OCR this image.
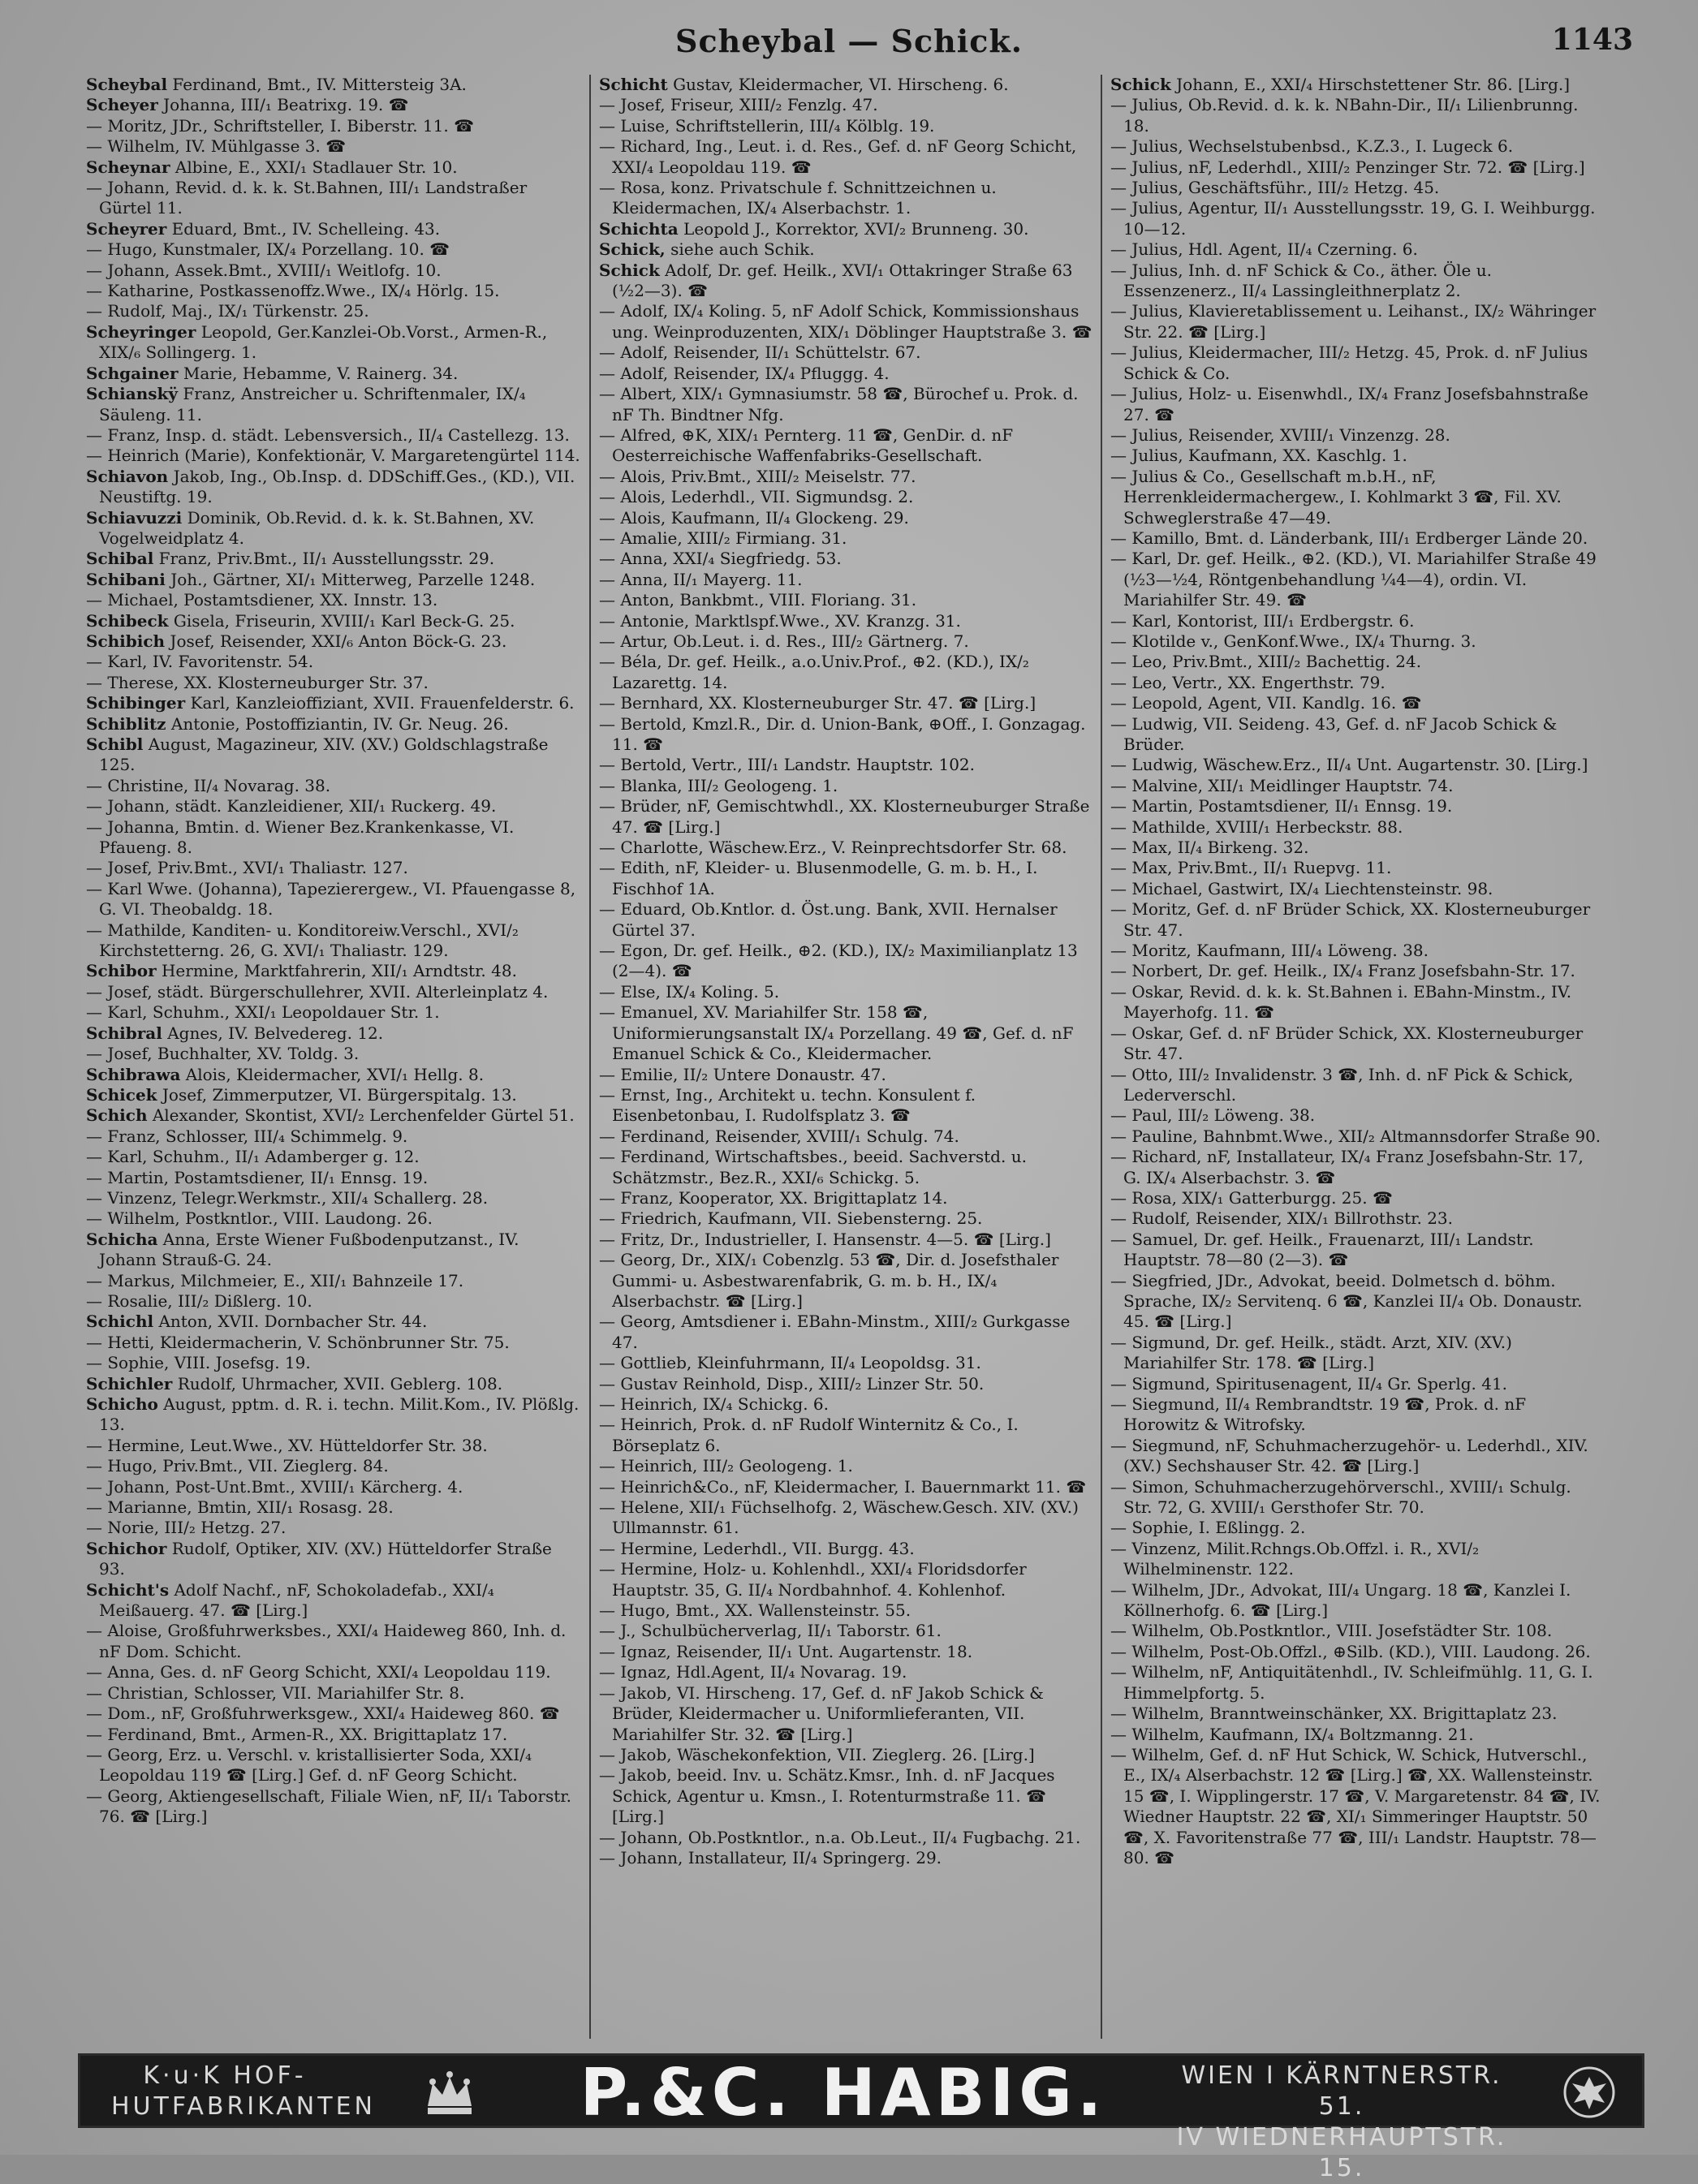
Scheybal — Schick.	1143

Scheybal Ferdinand, Bmt., IV. Mittersteig 3A.

Scheyer Johanna, III/₁ Beatrixg. 19. ☎

— Moritz, JDr., Schriftsteller, I. Biberstr. 11. ☎

— Wilhelm, IV. Mühlgasse 3. ☎

Scheynar Albine, E., XXI/₁ Stadlauer Str. 10.

— Johann, Revid. d. k. k. St.Bahnen, III/₁ Landstraßer Gürtel 11.

Scheyrer Eduard, Bmt., IV. Schelleing. 43.

— Hugo, Kunstmaler, IX/₄ Porzellang. 10. ☎

— Johann, Assek.Bmt., XVIII/₁ Weitlofg. 10.

— Katharine, Postkassenoffz.Wwe., IX/₄ Hörlg. 15.

— Rudolf, Maj., IX/₁ Türkenstr. 25.

Scheyringer Leopold, Ger.Kanzlei-Ob.Vorst., Armen-R., XIX/₆ Sollingerg. 1.

Schgainer Marie, Hebamme, V. Rainerg. 34.

Schianskÿ Franz, Anstreicher u. Schriftenmaler, IX/₄ Säuleng. 11.

— Franz, Insp. d. städt. Lebensversich., II/₄ Castellezg. 13.

— Heinrich (Marie), Konfektionär, V. Margaretengürtel 114.

Schiavon Jakob, Ing., Ob.Insp. d. DDSchiff.Ges., (KD.), VII. Neustiftg. 19.

Schiavuzzi Dominik, Ob.Revid. d. k. k. St.Bahnen, XV. Vogelweidplatz 4.

Schibal Franz, Priv.Bmt., II/₁ Ausstellungsstr. 29.

Schibani Joh., Gärtner, XI/₁ Mitterweg, Parzelle 1248.

— Michael, Postamtsdiener, XX. Innstr. 13.

Schibeck Gisela, Friseurin, XVIII/₁ Karl Beck-G. 25.

Schibich Josef, Reisender, XXI/₆ Anton Böck-G. 23.

— Karl, IV. Favoritenstr. 54.

— Therese, XX. Klosterneuburger Str. 37.

Schibinger Karl, Kanzleioffiziant, XVII. Frauenfelderstr. 6.

Schiblitz Antonie, Postoffiziantin, IV. Gr. Neug. 26.

Schibl August, Magazineur, XIV. (XV.) Goldschlagstraße 125.

— Christine, II/₄ Novarag. 38.

— Johann, städt. Kanzleidiener, XII/₁ Ruckerg. 49.

— Johanna, Bmtin. d. Wiener Bez.Krankenkasse, VI. Pfaueng. 8.

— Josef, Priv.Bmt., XVI/₁ Thaliastr. 127.

— Karl Wwe. (Johanna), Tapezierergew., VI. Pfauengasse 8, G. VI. Theobaldg. 18.

— Mathilde, Kanditen- u. Konditoreiw.Verschl., XVI/₂ Kirchstetterng. 26, G. XVI/₁ Thaliastr. 129.

Schibor Hermine, Marktfahrerin, XII/₁ Arndtstr. 48.

— Josef, städt. Bürgerschullehrer, XVII. Alterleinplatz 4.

— Karl, Schuhm., XXI/₁ Leopoldauer Str. 1.

Schibral Agnes, IV. Belvedereg. 12.

— Josef, Buchhalter, XV. Toldg. 3.

Schibrawa Alois, Kleidermacher, XVI/₁ Hellg. 8.

Schicek Josef, Zimmerputzer, VI. Bürgerspitalg. 13.

Schich Alexander, Skontist, XVI/₂ Lerchenfelder Gürtel 51.

— Franz, Schlosser, III/₄ Schimmelg. 9.

— Karl, Schuhm., II/₁ Adamberger g. 12.

— Martin, Postamtsdiener, II/₁ Ennsg. 19.

— Vinzenz, Telegr.Werkmstr., XII/₄ Schallerg. 28.

— Wilhelm, Postkntlor., VIII. Laudong. 26.

Schicha Anna, Erste Wiener Fußbodenputzanst., IV. Johann Strauß-G. 24.

— Markus, Milchmeier, E., XII/₁ Bahnzeile 17.

— Rosalie, III/₂ Dißlerg. 10.

Schichl Anton, XVII. Dornbacher Str. 44.

— Hetti, Kleidermacherin, V. Schönbrunner Str. 75.

— Sophie, VIII. Josefsg. 19.

Schichler Rudolf, Uhrmacher, XVII. Geblerg. 108.

Schicho August, pptm. d. R. i. techn. Milit.Kom., IV. Plößlg. 13.

— Hermine, Leut.Wwe., XV. Hütteldorfer Str. 38.

— Hugo, Priv.Bmt., VII. Zieglerg. 84.

— Johann, Post-Unt.Bmt., XVIII/₁ Kärcherg. 4.

— Marianne, Bmtin, XII/₁ Rosasg. 28.

— Norie, III/₂ Hetzg. 27.

Schichor Rudolf, Optiker, XIV. (XV.) Hütteldorfer Straße 93.

Schicht's Adolf Nachf., nF, Schokoladefab., XXI/₄ Meißauerg. 47. ☎ [Lirg.]

— Aloise, Großfuhrwerksbes., XXI/₄ Haideweg 860, Inh. d. nF Dom. Schicht.

— Anna, Ges. d. nF Georg Schicht, XXI/₄ Leopoldau 119.

— Christian, Schlosser, VII. Mariahilfer Str. 8.

— Dom., nF, Großfuhrwerksgew., XXI/₄ Haideweg 860. ☎

— Ferdinand, Bmt., Armen-R., XX. Brigittaplatz 17.

— Georg, Erz. u. Verschl. v. kristallisierter Soda, XXI/₄ Leopoldau 119 ☎ [Lirg.] Gef. d. nF Georg Schicht.

— Georg, Aktiengesellschaft, Filiale Wien, nF, II/₁ Taborstr. 76. ☎ [Lirg.]

Schicht Gustav, Kleidermacher, VI. Hirscheng. 6.

— Josef, Friseur, XIII/₂ Fenzlg. 47.

— Luise, Schriftstellerin, III/₄ Kölblg. 19.

— Richard, Ing., Leut. i. d. Res., Gef. d. nF Georg Schicht, XXI/₄ Leopoldau 119. ☎

— Rosa, konz. Privatschule f. Schnittzeichnen u. Kleidermachen, IX/₄ Alserbachstr. 1.

Schichta Leopold J., Korrektor, XVI/₂ Brunneng. 30.

Schick, siehe auch Schik.

Schick Adolf, Dr. gef. Heilk., XVI/₁ Ottakringer Straße 63 (½2—3). ☎

— Adolf, IX/₄ Koling. 5, nF Adolf Schick, Kommissionshaus ung. Weinproduzenten, XIX/₁ Döblinger Hauptstraße 3. ☎

— Adolf, Reisender, II/₁ Schüttelstr. 67.

— Adolf, Reisender, IX/₄ Pfluggg. 4.

— Albert, XIX/₁ Gymnasiumstr. 58 ☎, Bürochef u. Prok. d. nF Th. Bindtner Nfg.

— Alfred, ⊕K, XIX/₁ Pernterg. 11 ☎, GenDir. d. nF Oesterreichische Waffenfabriks-Gesellschaft.

— Alois, Priv.Bmt., XIII/₂ Meiselstr. 77.

— Alois, Lederhdl., VII. Sigmundsg. 2.

— Alois, Kaufmann, II/₄ Glockeng. 29.

— Amalie, XIII/₂ Firmiang. 31.

— Anna, XXI/₄ Siegfriedg. 53.

— Anna, II/₁ Mayerg. 11.

— Anton, Bankbmt., VIII. Floriang. 31.

— Antonie, Marktlspf.Wwe., XV. Kranzg. 31.

— Artur, Ob.Leut. i. d. Res., III/₂ Gärtnerg. 7.

— Béla, Dr. gef. Heilk., a.o.Univ.Prof., ⊕2. (KD.), IX/₂ Lazarettg. 14.

— Bernhard, XX. Klosterneuburger Str. 47. ☎ [Lirg.]

— Bertold, Kmzl.R., Dir. d. Union-Bank, ⊕Off., I. Gonzagag. 11. ☎

— Bertold, Vertr., III/₁ Landstr. Hauptstr. 102.

— Blanka, III/₂ Geologeng. 1.

— Brüder, nF, Gemischtwhdl., XX. Klosterneuburger Straße 47. ☎ [Lirg.]

— Charlotte, Wäschew.Erz., V. Reinprechtsdorfer Str. 68.

— Edith, nF, Kleider- u. Blusenmodelle, G. m. b. H., I. Fischhof 1A.

— Eduard, Ob.Kntlor. d. Öst.ung. Bank, XVII. Hernalser Gürtel 37.

— Egon, Dr. gef. Heilk., ⊕2. (KD.), IX/₂ Maximilianplatz 13 (2—4). ☎

— Else, IX/₄ Koling. 5.

— Emanuel, XV. Mariahilfer Str. 158 ☎, Uniformierungsanstalt IX/₄ Porzellang. 49 ☎, Gef. d. nF Emanuel Schick & Co., Kleidermacher.

— Emilie, II/₂ Untere Donaustr. 47.

— Ernst, Ing., Architekt u. techn. Konsulent f. Eisenbetonbau, I. Rudolfsplatz 3. ☎

— Ferdinand, Reisender, XVIII/₁ Schulg. 74.

— Ferdinand, Wirtschaftsbes., beeid. Sachverstd. u. Schätzmstr., Bez.R., XXI/₆ Schickg. 5.

— Franz, Kooperator, XX. Brigittaplatz 14.

— Friedrich, Kaufmann, VII. Siebensterng. 25.

— Fritz, Dr., Industrieller, I. Hansenstr. 4—5. ☎ [Lirg.]

— Georg, Dr., XIX/₁ Cobenzlg. 53 ☎, Dir. d. Josefsthaler Gummi- u. Asbestwarenfabrik, G. m. b. H., IX/₄ Alserbachstr. ☎ [Lirg.]

— Georg, Amtsdiener i. EBahn-Minstm., XIII/₂ Gurkgasse 47.

— Gottlieb, Kleinfuhrmann, II/₄ Leopoldsg. 31.

— Gustav Reinhold, Disp., XIII/₂ Linzer Str. 50.

— Heinrich, IX/₄ Schickg. 6.

— Heinrich, Prok. d. nF Rudolf Winternitz & Co., I. Börseplatz 6.

— Heinrich, III/₂ Geologeng. 1.

— Heinrich&Co., nF, Kleidermacher, I. Bauernmarkt 11. ☎

— Helene, XII/₁ Füchselhofg. 2, Wäschew.Gesch. XIV. (XV.) Ullmannstr. 61.

— Hermine, Lederhdl., VII. Burgg. 43.

— Hermine, Holz- u. Kohlenhdl., XXI/₄ Floridsdorfer Hauptstr. 35, G. II/₄ Nordbahnhof. 4. Kohlenhof.

— Hugo, Bmt., XX. Wallensteinstr. 55.

— J., Schulbücherverlag, II/₁ Taborstr. 61.

— Ignaz, Reisender, II/₁ Unt. Augartenstr. 18.

— Ignaz, Hdl.Agent, II/₄ Novarag. 19.

— Jakob, VI. Hirscheng. 17, Gef. d. nF Jakob Schick & Brüder, Kleidermacher u. Uniformlieferanten, VII. Mariahilfer Str. 32. ☎ [Lirg.]

— Jakob, Wäschekonfektion, VII. Zieglerg. 26. [Lirg.]

— Jakob, beeid. Inv. u. Schätz.Kmsr., Inh. d. nF Jacques Schick, Agentur u. Kmsn., I. Rotenturmstraße 11. ☎ [Lirg.]

— Johann, Ob.Postkntlor., n.a. Ob.Leut., II/₄ Fugbachg. 21.

— Johann, Installateur, II/₄ Springerg. 29.

Schick Johann, E., XXI/₄ Hirschstettener Str. 86. [Lirg.]

— Julius, Ob.Revid. d. k. k. NBahn-Dir., II/₁ Lilienbrunng. 18.

— Julius, Wechselstubenbsd., K.Z.3., I. Lugeck 6.

— Julius, nF, Lederhdl., XIII/₂ Penzinger Str. 72. ☎ [Lirg.]

— Julius, Geschäftsführ., III/₂ Hetzg. 45.

— Julius, Agentur, II/₁ Ausstellungsstr. 19, G. I. Weihburgg. 10—12.

— Julius, Hdl. Agent, II/₄ Czerning. 6.

— Julius, Inh. d. nF Schick & Co., äther. Öle u. Essenzenerz., II/₄ Lassingleithnerplatz 2.

— Julius, Klavieretablissement u. Leihanst., IX/₂ Währinger Str. 22. ☎ [Lirg.]

— Julius, Kleidermacher, III/₂ Hetzg. 45, Prok. d. nF Julius Schick & Co.

— Julius, Holz- u. Eisenwhdl., IX/₄ Franz Josefsbahnstraße 27. ☎

— Julius, Reisender, XVIII/₁ Vinzenzg. 28.

— Julius, Kaufmann, XX. Kaschlg. 1.

— Julius & Co., Gesellschaft m.b.H., nF, Herrenkleidermachergew., I. Kohlmarkt 3 ☎, Fil. XV. Schweglerstraße 47—49.

— Kamillo, Bmt. d. Länderbank, III/₁ Erdberger Lände 20.

— Karl, Dr. gef. Heilk., ⊕2. (KD.), VI. Mariahilfer Straße 49 (½3—½4, Röntgenbehandlung ¼4—4), ordin. VI. Mariahilfer Str. 49. ☎

— Karl, Kontorist, III/₁ Erdbergstr. 6.

— Klotilde v., GenKonf.Wwe., IX/₄ Thurng. 3.

— Leo, Priv.Bmt., XIII/₂ Bachettig. 24.

— Leo, Vertr., XX. Engerthstr. 79.

— Leopold, Agent, VII. Kandlg. 16. ☎

— Ludwig, VII. Seideng. 43, Gef. d. nF Jacob Schick & Brüder.

— Ludwig, Wäschew.Erz., II/₄ Unt. Augartenstr. 30. [Lirg.]

— Malvine, XII/₁ Meidlinger Hauptstr. 74.

— Martin, Postamtsdiener, II/₁ Ennsg. 19.

— Mathilde, XVIII/₁ Herbeckstr. 88.

— Max, II/₄ Birkeng. 32.

— Max, Priv.Bmt., II/₁ Ruepvg. 11.

— Michael, Gastwirt, IX/₄ Liechtensteinstr. 98.

— Moritz, Gef. d. nF Brüder Schick, XX. Klosterneuburger Str. 47.

— Moritz, Kaufmann, III/₄ Löweng. 38.

— Norbert, Dr. gef. Heilk., IX/₄ Franz Josefsbahn-Str. 17.

— Oskar, Revid. d. k. k. St.Bahnen i. EBahn-Minstm., IV. Mayerhofg. 11. ☎

— Oskar, Gef. d. nF Brüder Schick, XX. Klosterneuburger Str. 47.

— Otto, III/₂ Invalidenstr. 3 ☎, Inh. d. nF Pick & Schick, Lederverschl.

— Paul, III/₂ Löweng. 38.

— Pauline, Bahnbmt.Wwe., XII/₂ Altmannsdorfer Straße 90.

— Richard, nF, Installateur, IX/₄ Franz Josefsbahn-Str. 17, G. IX/₄ Alserbachstr. 3. ☎

— Rosa, XIX/₁ Gatterburgg. 25. ☎

— Rudolf, Reisender, XIX/₁ Billrothstr. 23.

— Samuel, Dr. gef. Heilk., Frauenarzt, III/₁ Landstr. Hauptstr. 78—80 (2—3). ☎

— Siegfried, JDr., Advokat, beeid. Dolmetsch d. böhm. Sprache, IX/₂ Servitenq. 6 ☎, Kanzlei II/₄ Ob. Donaustr. 45. ☎ [Lirg.]

— Sigmund, Dr. gef. Heilk., städt. Arzt, XIV. (XV.) Mariahilfer Str. 178. ☎ [Lirg.]

— Sigmund, Spiritusenagent, II/₄ Gr. Sperlg. 41.

— Siegmund, II/₄ Rembrandtstr. 19 ☎, Prok. d. nF Horowitz & Witrofsky.

— Siegmund, nF, Schuhmacherzugehör- u. Lederhdl., XIV. (XV.) Sechshauser Str. 42. ☎ [Lirg.]

— Simon, Schuhmacherzugehörverschl., XVIII/₁ Schulg. Str. 72, G. XVIII/₁ Gersthofer Str. 70.

— Sophie, I. Eßlingg. 2.

— Vinzenz, Milit.Rchngs.Ob.Offzl. i. R., XVI/₂ Wilhelminenstr. 122.

— Wilhelm, JDr., Advokat, III/₄ Ungarg. 18 ☎, Kanzlei I. Köllnerhofg. 6. ☎ [Lirg.]

— Wilhelm, Ob.Postkntlor., VIII. Josefstädter Str. 108.

— Wilhelm, Post-Ob.Offzl., ⊕Silb. (KD.), VIII. Laudong. 26.

— Wilhelm, nF, Antiquitätenhdl., IV. Schleifmühlg. 11, G. I. Himmelpfortg. 5.

— Wilhelm, Branntweinschänker, XX. Brigittaplatz 23.

— Wilhelm, Kaufmann, IX/₄ Boltzmanng. 21.

— Wilhelm, Gef. d. nF Hut Schick, W. Schick, Hutverschl., E., IX/₄ Alserbachstr. 12 ☎ [Lirg.] ☎, XX. Wallensteinstr. 15 ☎, I. Wipplingerstr. 17 ☎, V. Margaretenstr. 84 ☎, IV. Wiedner Hauptstr. 22 ☎, XI/₁ Simmeringer Hauptstr. 50 ☎, X. Favoritenstraße 77 ☎, III/₁ Landstr. Hauptstr. 78—80. ☎

K·u·K HOF-
HUTFABRIKANTEN	P.&C. HABIG.	WIEN I KÄRNTNERSTR. 51.
IV WIEDNERHAUPTSTR. 15.
